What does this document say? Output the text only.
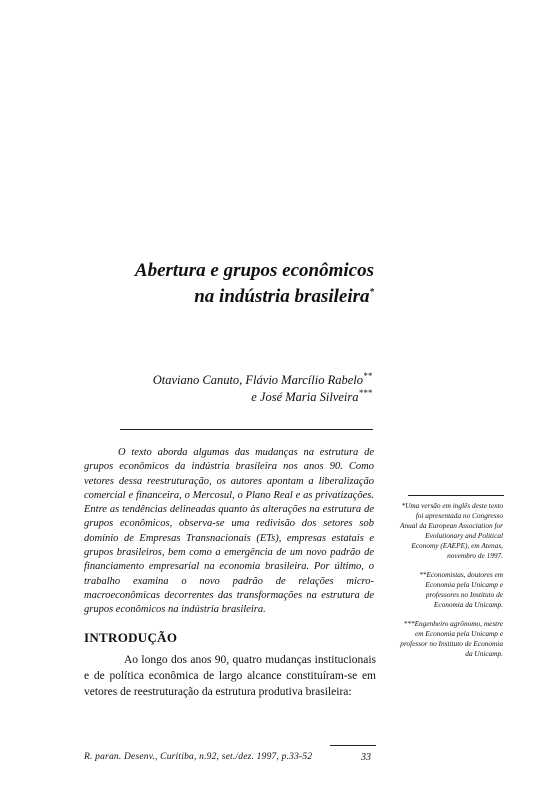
Abertura e grupos econômicos
na indústria brasileira*
Otaviano Canuto, Flávio Marcílio Rabelo**
e José Maria Silveira***

O texto aborda algumas das mudanças na estrutura de grupos econômicos da indústria brasileira nos anos 90. Como vetores dessa reestruturação, os autores apontam a liberalização comercial e financeira, o Mercosul, o Plano Real e as privatizações. Entre as tendências delineadas quanto às alterações na estrutura de grupos econômicos, observa-se uma redivisão dos setores sob domínio de Empresas Transnacionais (ETs), empresas estatais e grupos brasileiros, bem como a emergência de um novo padrão de financiamento empresarial na economia brasileira. Por último, o trabalho examina o novo padrão de relações micro-macroeconômicas decorrentes das transformações na estrutura de grupos econômicos na indústria brasileira.

INTRODUÇÃO

Ao longo dos anos 90, quatro mudanças institucionais e de política econômica de largo alcance constituíram-se em vetores de reestruturação da estrutura produtiva brasileira:

*Uma versão em inglês deste texto foi apresentada no Congresso Anual da European Association for Evolutionary and Political Economy (EAEPE), em Atenas, novembro de 1997.

**Economistas, doutores em Economia pela Unicamp e professores no Instituto de Economia da Unicamp.

***Engenheiro agrônomo, mestre em Economia pela Unicamp e professor no Instituto de Economia da Unicamp.

R. paran. Desenv., Curitiba, n.92, set./dez. 1997, p.33-52	33
